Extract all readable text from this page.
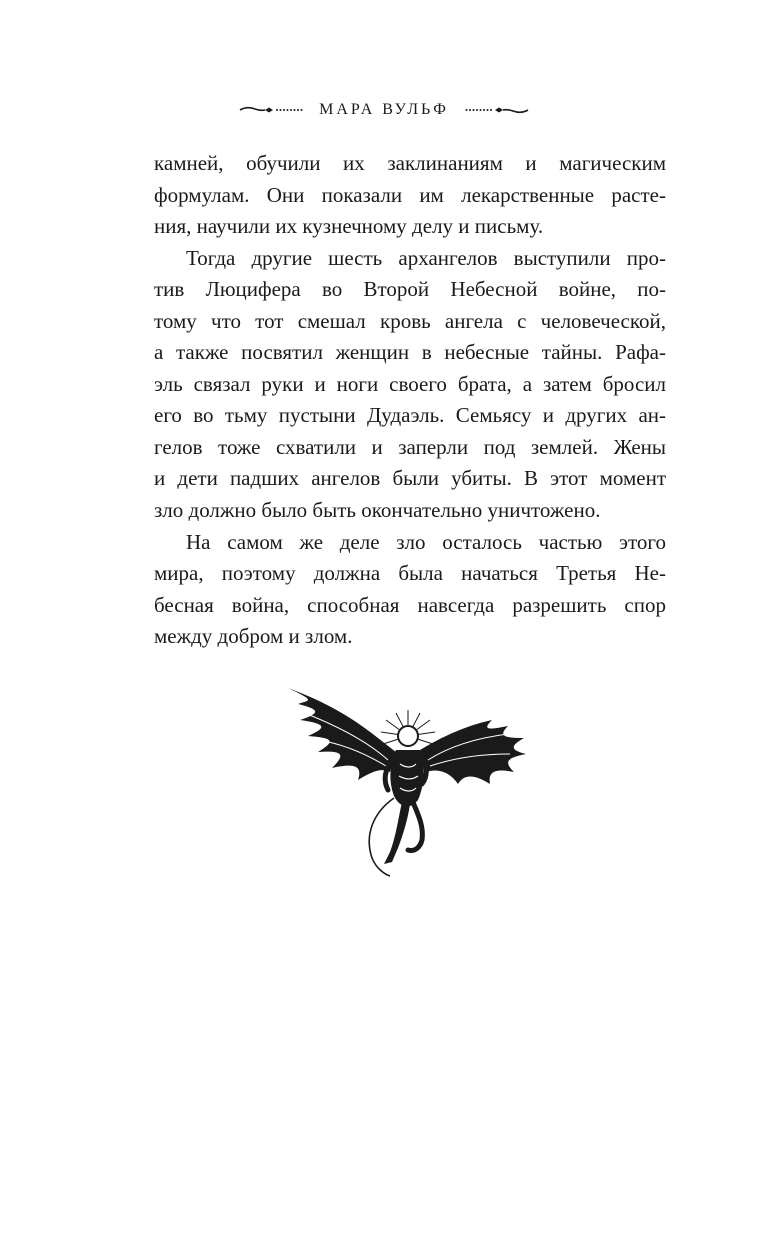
МАРА ВУЛЬФ

камней, обучили их заклинаниям и магическим
формулам. Они показали им лекарственные расте-
ния, научили их кузнечному делу и письму.

Тогда другие шесть архангелов выступили про-
тив Люцифера во Второй Небесной войне, по-
тому что тот смешал кровь ангела с человеческой,
а также посвятил женщин в небесные тайны. Рафа-
эль связал руки и ноги своего брата, а затем бросил
его во тьму пустыни Дудаэль. Семьясу и других ан-
гелов тоже схватили и заперли под землей. Жены
и дети падших ангелов были убиты. В этот момент
зло должно было быть окончательно уничтожено.

На самом же деле зло осталось частью этого
мира, поэтому должна была начаться Третья Не-
бесная война, способная навсегда разрешить спор
между добром и злом.
